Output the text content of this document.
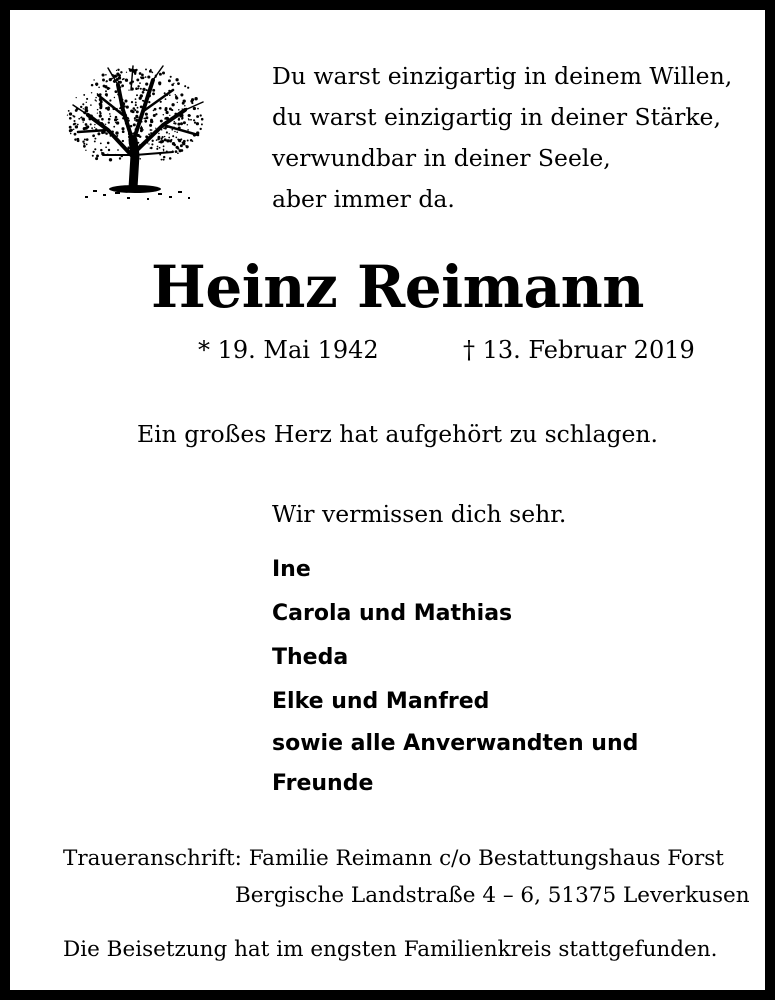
Du warst einzigartig in deinem Willen,
du warst einzigartig in deiner Stärke,
verwundbar in deiner Seele,
aber immer da.
Heinz Reimann
* 19. Mai 1942	† 13. Februar 2019
Ein großes Herz hat aufgehört zu schlagen.
Wir vermissen dich sehr.
Ine
Carola und Mathias
Theda
Elke und Manfred
sowie alle Anverwandten und
Freunde
Traueranschrift: Familie Reimann c/o Bestattungshaus Forst
Bergische Landstraße 4 – 6, 51375 Leverkusen
Die Beisetzung hat im engsten Familienkreis stattgefunden.
